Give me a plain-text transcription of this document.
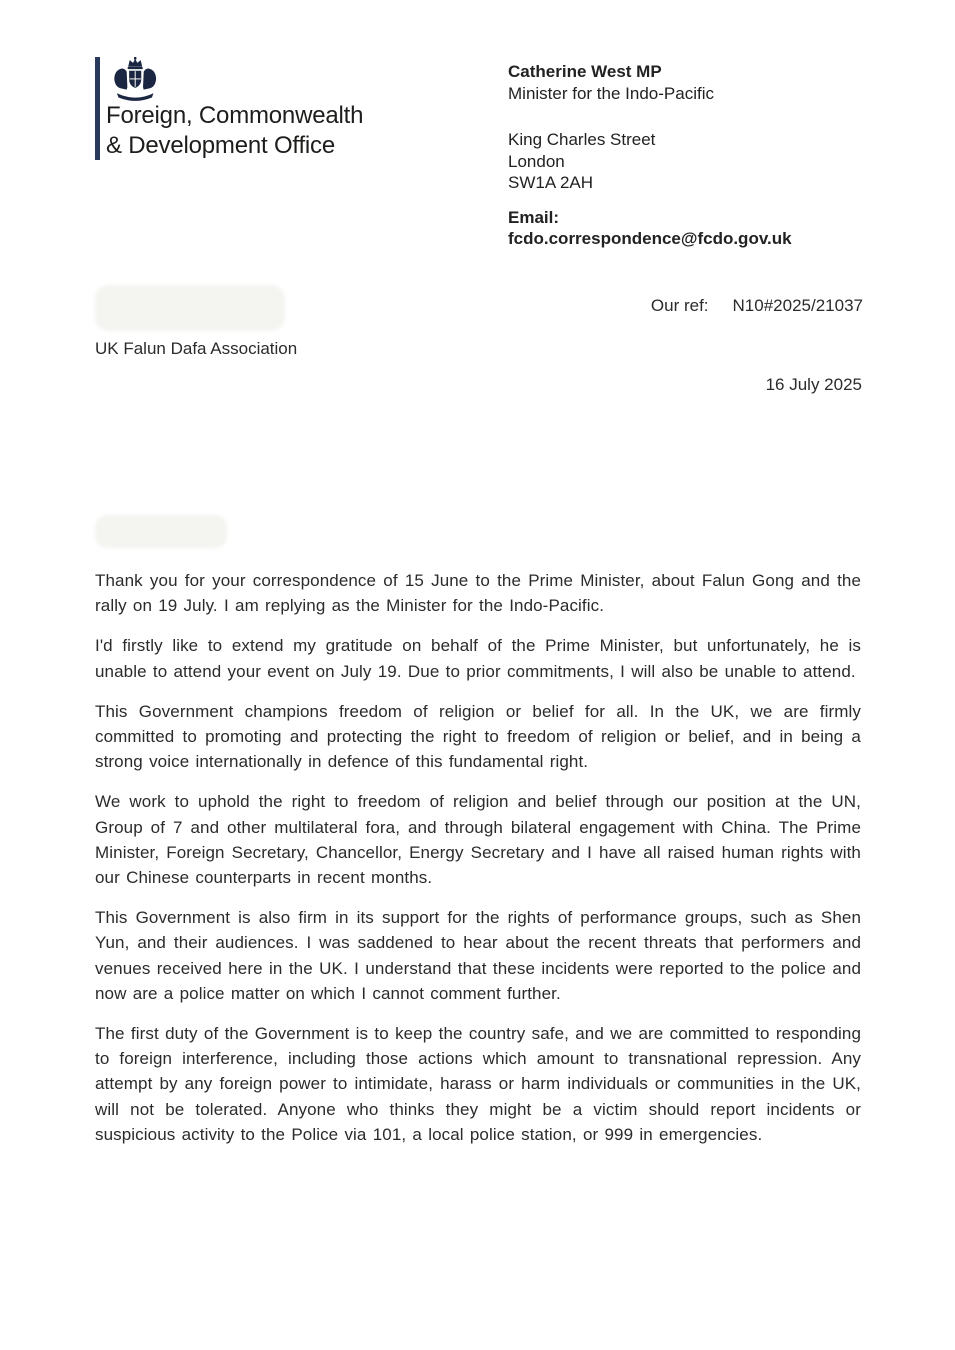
Foreign, Commonwealth
& Development Office
Catherine West MP
Minister for the Indo-Pacific
King Charles Street
London
SW1A 2AH
Email:
fcdo.correspondence@fcdo.gov.uk
Our ref: N10#2025/21037
UK Falun Dafa Association
16 July 2025

Thank you for your correspondence of 15 June to the Prime Minister, about Falun Gong and the rally on 19 July. I am replying as the Minister for the Indo-Pacific.

I'd firstly like to extend my gratitude on behalf of the Prime Minister, but unfortunately, he is unable to attend your event on July 19. Due to prior commitments, I will also be unable to attend.

This Government champions freedom of religion or belief for all. In the UK, we are firmly committed to promoting and protecting the right to freedom of religion or belief, and in being a strong voice internationally in defence of this fundamental right.

We work to uphold the right to freedom of religion and belief through our position at the UN, Group of 7 and other multilateral fora, and through bilateral engagement with China. The Prime Minister, Foreign Secretary, Chancellor, Energy Secretary and I have all raised human rights with our Chinese counterparts in recent months.

This Government is also firm in its support for the rights of performance groups, such as Shen Yun, and their audiences. I was saddened to hear about the recent threats that performers and venues received here in the UK. I understand that these incidents were reported to the police and now are a police matter on which I cannot comment further.

The first duty of the Government is to keep the country safe, and we are committed to responding to foreign interference, including those actions which amount to transnational repression. Any attempt by any foreign power to intimidate, harass or harm individuals or communities in the UK, will not be tolerated. Anyone who thinks they might be a victim should report incidents or suspicious activity to the Police via 101, a local police station, or 999 in emergencies.
